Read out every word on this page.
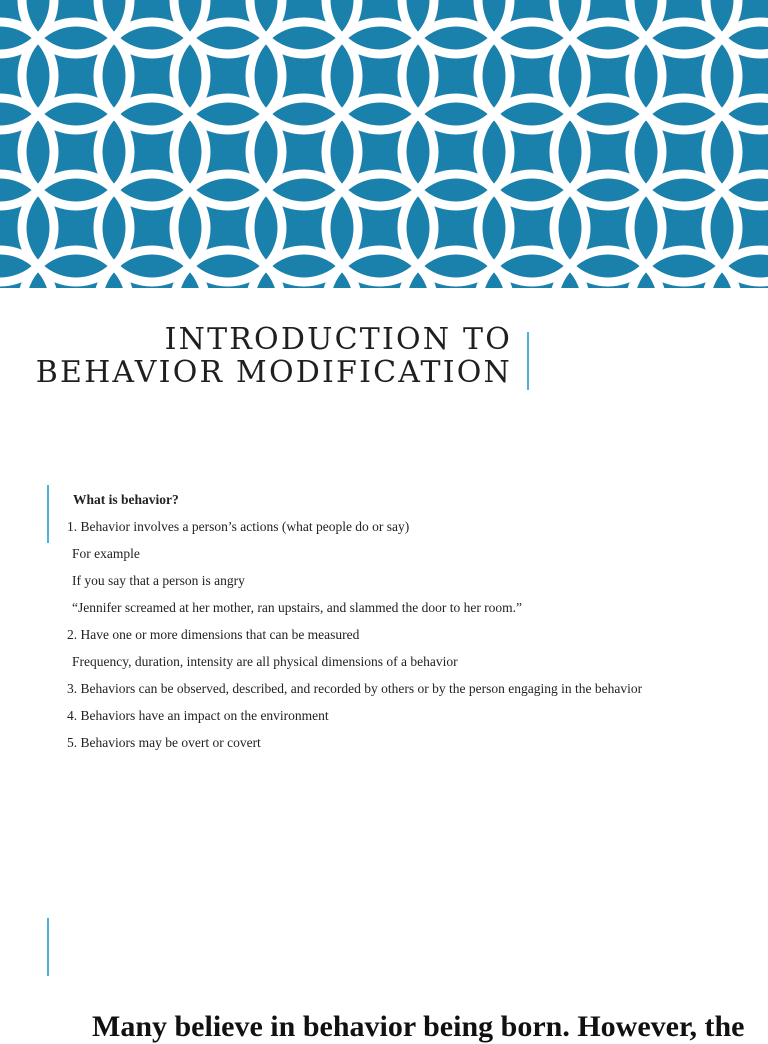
INTRODUCTION TO
BEHAVIOR MODIFICATION

What is behavior?

1. Behavior involves a person’s actions (what people do or say)

For example

If you say that a person is angry

“Jennifer screamed at her mother, ran upstairs, and slammed the door to her room.”

2. Have one or more dimensions that can be measured

Frequency, duration, intensity are all physical dimensions of a behavior

3. Behaviors can be observed, described, and recorded by others or by the person engaging in the behavior

4. Behaviors have an impact on the environment

5. Behaviors may be overt or covert

Many believe in behavior being born. However, the
